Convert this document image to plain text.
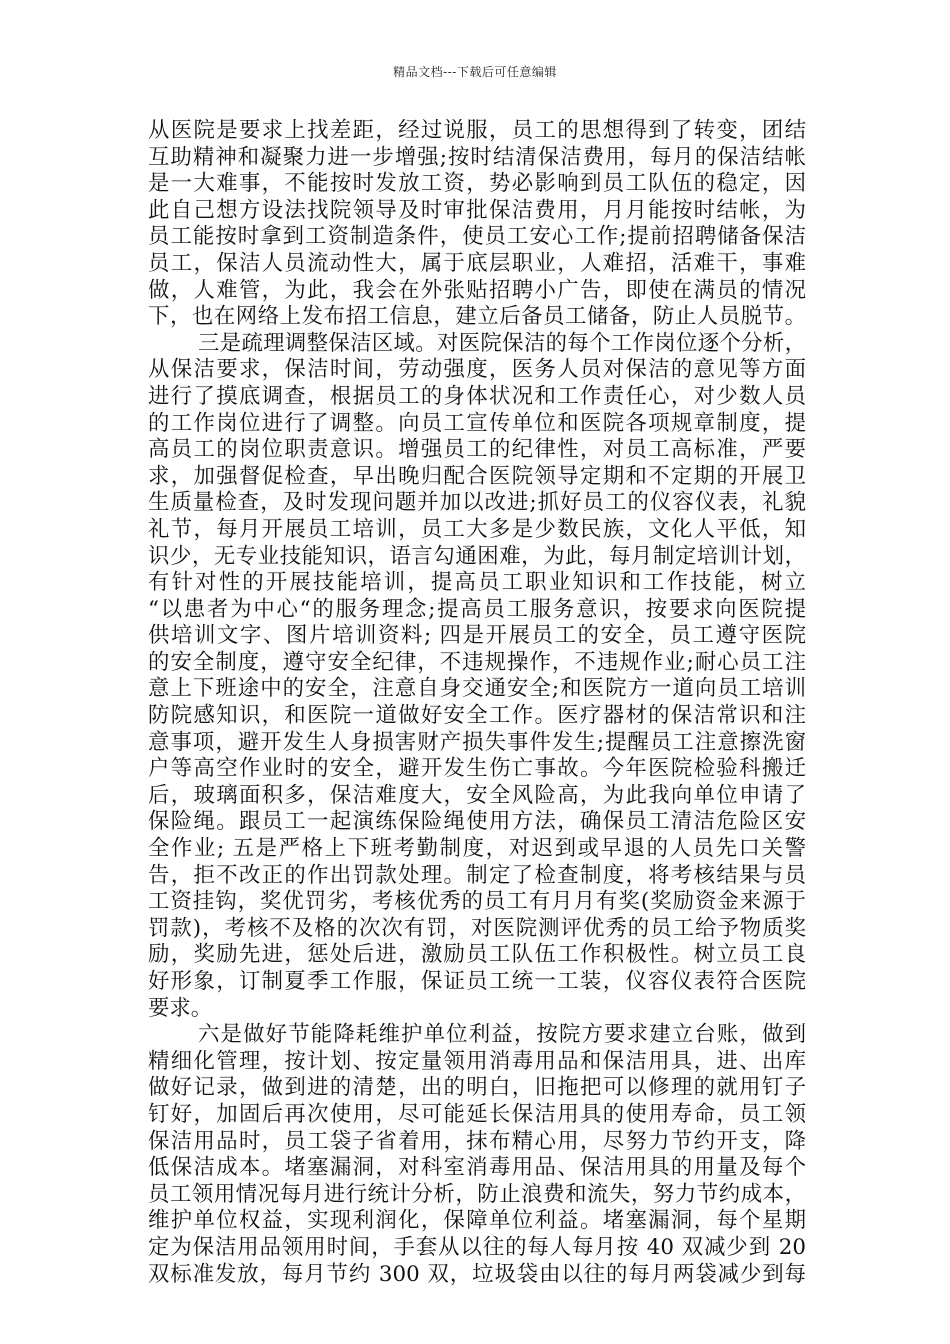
精品文档---下载后可任意编辑
从医院是要求上找差距，经过说服，员工的思想得到了转变，团结
互助精神和凝聚力进一步增强;按时结清保洁费用，每月的保洁结帐
是一大难事，不能按时发放工资，势必影响到员工队伍的稳定，因
此自己想方设法找院领导及时审批保洁费用，月月能按时结帐，为
员工能按时拿到工资制造条件，使员工安心工作;提前招聘储备保洁
员工，保洁人员流动性大，属于底层职业，人难招，活难干，事难
做，人难管，为此，我会在外张贴招聘小广告，即使在满员的情况
下，也在网络上发布招工信息，建立后备员工储备，防止人员脱节。
三是疏理调整保洁区域。对医院保洁的每个工作岗位逐个分析，
从保洁要求，保洁时间，劳动强度，医务人员对保洁的意见等方面
进行了摸底调查，根据员工的身体状况和工作责任心，对少数人员
的工作岗位进行了调整。向员工宣传单位和医院各项规章制度，提
高员工的岗位职责意识。增强员工的纪律性，对员工高标准，严要
求，加强督促检查，早出晚归配合医院领导定期和不定期的开展卫
生质量检查，及时发现问题并加以改进;抓好员工的仪容仪表，礼貌
礼节，每月开展员工培训，员工大多是少数民族，文化人平低，知
识少，无专业技能知识，语言勾通困难，为此，每月制定培训计划，
有针对性的开展技能培训，提高员工职业知识和工作技能，树立
“以患者为中心“的服务理念;提高员工服务意识，按要求向医院提
供培训文字、图片培训资料; 四是开展员工的安全，员工遵守医院
的安全制度，遵守安全纪律，不违规操作，不违规作业;耐心员工注
意上下班途中的安全，注意自身交通安全;和医院方一道向员工培训
防院感知识，和医院一道做好安全工作。医疗器材的保洁常识和注
意事项，避开发生人身损害财产损失事件发生;提醒员工注意擦洗窗
户等高空作业时的安全，避开发生伤亡事故。今年医院检验科搬迁
后，玻璃面积多，保洁难度大，安全风险高，为此我向单位申请了
保险绳。跟员工一起演练保险绳使用方法，确保员工清洁危险区安
全作业; 五是严格上下班考勤制度，对迟到或早退的人员先口关警
告，拒不改正的作出罚款处理。制定了检查制度，将考核结果与员
工资挂钩，奖优罚劣，考核优秀的员工有月月有奖(奖励资金来源于
罚款)，考核不及格的次次有罚，对医院测评优秀的员工给予物质奖
励，奖励先进，惩处后进，激励员工队伍工作积极性。树立员工良
好形象，订制夏季工作服，保证员工统一工装，仪容仪表符合医院
要求。
六是做好节能降耗维护单位利益，按院方要求建立台账，做到
精细化管理，按计划、按定量领用消毒用品和保洁用具，进、出库
做好记录，做到进的清楚，出的明白，旧拖把可以修理的就用钉子
钉好，加固后再次使用，尽可能延长保洁用具的使用寿命，员工领
保洁用品时，员工袋子省着用，抹布精心用，尽努力节约开支，降
低保洁成本。堵塞漏洞，对科室消毒用品、保洁用具的用量及每个
员工领用情况每月进行统计分析，防止浪费和流失，努力节约成本，
维护单位权益，实现利润化，保障单位利益。堵塞漏洞，每个星期
定为保洁用品领用时间，手套从以往的每人每月按 40 双减少到 20
双标准发放，每月节约 300 双，垃圾袋由以往的每月两袋减少到每
